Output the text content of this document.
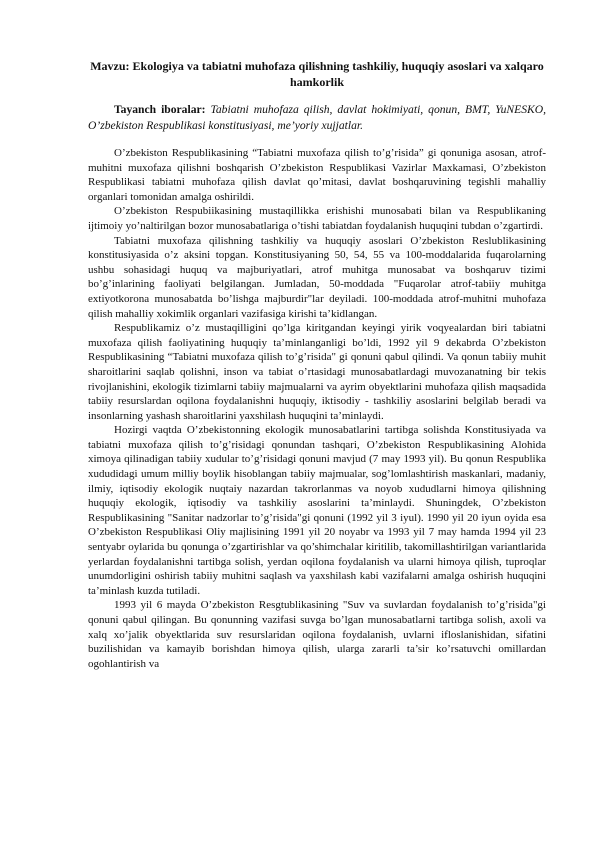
Mavzu: Ekologiya va tabiatni muhofaza qilishning tashkiliy, huquqiy asoslari va xalqaro hamkorlik
Tayanch iboralar: Tabiatni muhofaza qilish, davlat hokimiyati, qonun, BMT, YuNESKO, O’zbekiston Respublikasi konstitusiyasi, me’yoriy xujjatlar.

O’zbekiston Respublikasining “Tabiatni muxofaza qilish to’g’risida” gi qonuniga asosan, atrof-muhitni muxofaza qilishni boshqarish O’zbekiston Respublikasi Vazirlar Maxkamasi, O’zbekiston Respublikasi tabiatni muhofaza qilish davlat qo’mitasi, davlat boshqaruvining tegishli mahalliy organlari tomonidan amalga oshirildi.

O’zbekiston Respubiikasining mustaqillikka erishishi munosabati bilan va Respublikaning ijtimoiy yo’naltirilgan bozor munosabatlariga o’tishi tabiatdan foydalanish huquqini tubdan o’zgartirdi.

Tabiatni muxofaza qilishning tashkiliy va huquqiy asoslari O’zbekiston Reslublikasining konstitusiyasida o’z aksini topgan. Konstitusiyaning 50, 54, 55 va 100-moddalarida fuqarolarning ushbu sohasidagi huquq va majburiyatlari, atrof muhitga munosabat va boshqaruv tizimi bo’g’inlarining faoliyati belgilangan. Jumladan, 50-moddada "Fuqarolar atrof-tabiiy muhitga extiyotkorona munosabatda bo’lishga majburdir"lar deyiladi. 100-moddada atrof-muhitni muhofaza qilish mahalliy xokimlik organlari vazifasiga kirishi ta’kidlangan.

Respublikamiz o’z mustaqilligini qo’lga kiritgandan keyingi yirik voqyealardan biri tabiatni muxofaza qilish faoliyatining huquqiy ta’minlanganligi bo’ldi, 1992 yil 9 dekabrda O’zbekiston Respublikasining “Tabiatni muxofaza qilish to’g’risida" gi qonuni qabul qilindi. Va qonun tabiiy muhit sharoitlarini saqlab qolishni, inson va tabiat o’rtasidagi munosabatlardagi muvozanatning bir tekis rivojlanishini, ekologik tizimlarni tabiiy majmualarni va ayrim obyektlarini muhofaza qilish maqsadida tabiiy resurslardan oqilona foydalanishni huquqiy, iktisodiy - tashkiliy asoslarini belgilab beradi va insonlarning yashash sharoitlarini yaxshilash huquqini ta’minlaydi.

Hozirgi vaqtda O’zbekistonning ekologik munosabatlarini tartibga solishda Konstitusiyada va tabiatni muxofaza qilish to’g’risidagi qonundan tashqari, O’zbekiston Respublikasining Alohida ximoya qilinadigan tabiiy xudular to’g’risidagi qonuni mavjud (7 may 1993 yil). Bu qonun Respublika xududidagi umum milliy boylik hisoblangan tabiiy majmualar, sog’lomlashtirish maskanlari, madaniy, ilmiy, iqtisodiy ekologik nuqtaiy nazardan takrorlanmas va noyob xududlarni himoya qilishning huquqiy ekologik, iqtisodiy va tashkiliy asoslarini ta’minlaydi. Shuningdek, O’zbekiston Respublikasining "Sanitar nadzorlar to’g’risida"gi qonuni (1992 yil 3 iyul). 1990 yil 20 iyun oyida esa O’zbekiston Respublikasi Oliy majlisining 1991 yil 20 noyabr va 1993 yil 7 may hamda 1994 yil 23 sentyabr oylarida bu qonunga o’zgartirishlar va qo’shimchalar kiritilib, takomillashtirilgan variantlarida yerlardan foydalanishni tartibga solish, yerdan oqilona foydalanish va ularni himoya qilish, tuproqlar unumdorligini oshirish tabiiy muhitni saqlash va yaxshilash kabi vazifalarni amalga oshirish huquqini ta’minlash kuzda tutiladi.

1993 yil 6 mayda O’zbekiston Resgtublikasining "Suv va suvlardan foydalanish to’g’risida"gi qonuni qabul qilingan. Bu qonunning vazifasi suvga bo’lgan munosabatlarni tartibga solish, axoli va xalq xo’jalik obyektlarida suv resurslaridan oqilona foydalanish, uvlarni ifloslanishidan, sifatini buzilishidan va kamayib borishdan himoya qilish, ularga zararli ta’sir ko’rsatuvchi omillardan ogohlantirish va
